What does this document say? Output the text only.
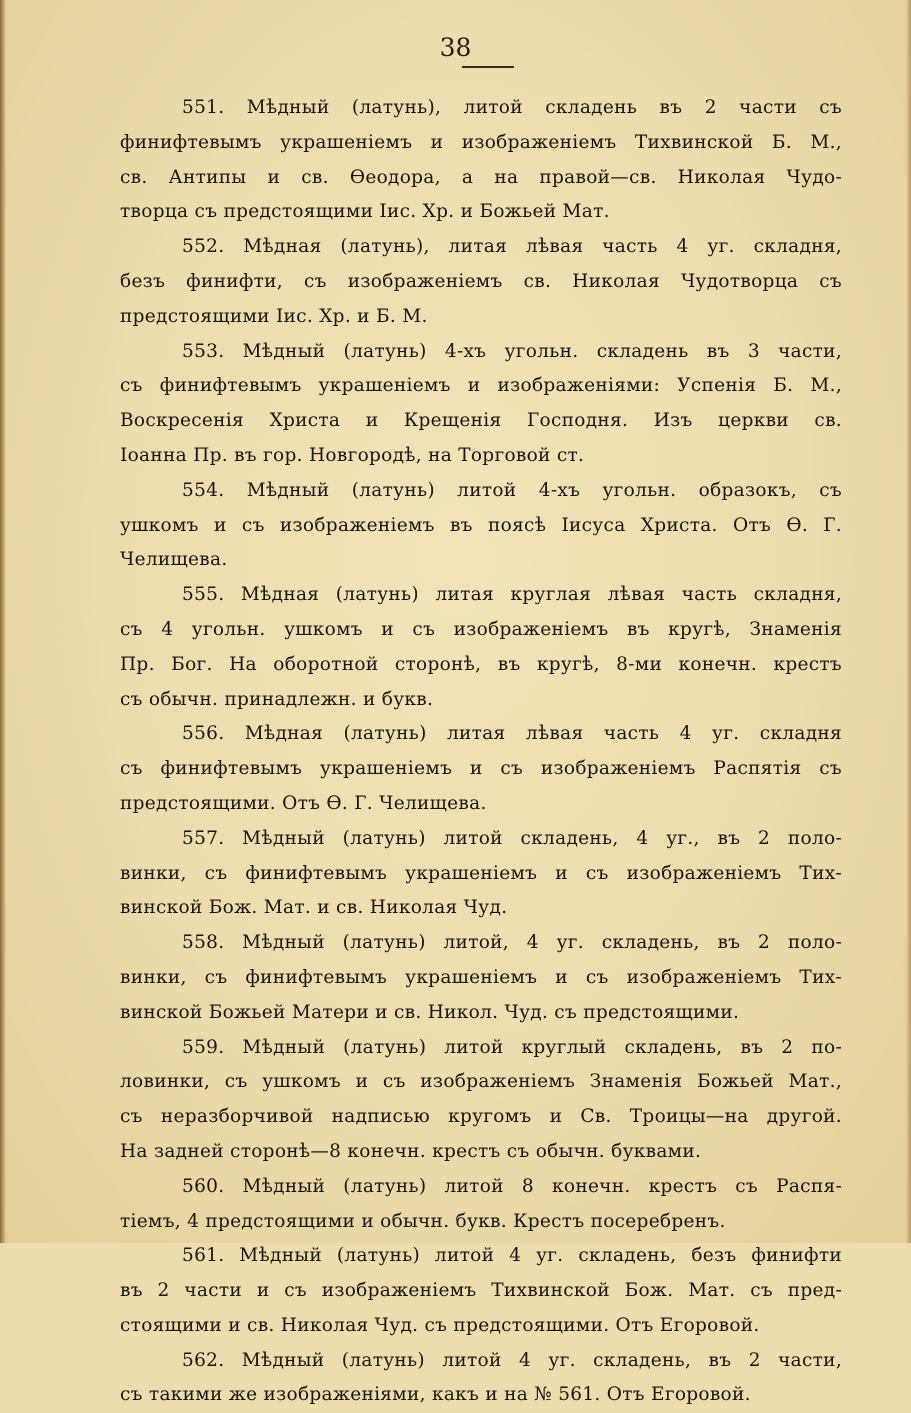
38
551. Мѣдный (латунь), литой складень въ 2 части съ
финифтевымъ украшеніемъ и изображеніемъ Тихвинской Б. М.,
св. Антипы и св. Ѳеодора, а на правой—св. Николая Чудо-
творца съ предстоящими Іис. Хр. и Божьей Мат.
552. Мѣдная (латунь), литая лѣвая часть 4 уг. складня,
безъ финифти, съ изображеніемъ св. Николая Чудотворца съ
предстоящими Іис. Хр. и Б. М.
553. Мѣдный (латунь) 4-хъ угольн. складень въ 3 части,
съ финифтевымъ украшеніемъ и изображеніями: Успенія Б. М.,
Воскресенія Христа и Крещенія Господня. Изъ церкви св.
Іоанна Пр. въ гор. Новгородѣ, на Торговой ст.
554. Мѣдный (латунь) литой 4-хъ угольн. образокъ, съ
ушкомъ и съ изображеніемъ въ поясѣ Іисуса Христа. Отъ Ѳ. Г.
Челищева.
555. Мѣдная (латунь) литая круглая лѣвая часть складня,
съ 4 угольн. ушкомъ и съ изображеніемъ въ кругѣ, Знаменія
Пр. Бог. На оборотной сторонѣ, въ кругѣ, 8-ми конечн. крестъ
съ обычн. принадлежн. и букв.
556. Мѣдная (латунь) литая лѣвая часть 4 уг. складня
съ финифтевымъ украшеніемъ и съ изображеніемъ Распятія съ
предстоящими. Отъ Ѳ. Г. Челищева.
557. Мѣдный (латунь) литой складень, 4 уг., въ 2 поло-
винки, съ финифтевымъ украшеніемъ и съ изображеніемъ Тих-
винской Бож. Мат. и св. Николая Чуд.
558. Мѣдный (латунь) литой, 4 уг. складень, въ 2 поло-
винки, съ финифтевымъ украшеніемъ и съ изображеніемъ Тих-
винской Божьей Матери и св. Никол. Чуд. съ предстоящими.
559. Мѣдный (латунь) литой круглый складень, въ 2 по-
ловинки, съ ушкомъ и съ изображеніемъ Знаменія Божьей Мат.,
съ неразборчивой надписью кругомъ и Св. Троицы—на другой.
На задней сторонѣ—8 конечн. крестъ съ обычн. буквами.
560. Мѣдный (латунь) литой 8 конечн. крестъ съ Распя-
тіемъ, 4 предстоящими и обычн. букв. Крестъ посеребренъ.
561. Мѣдный (латунь) литой 4 уг. складень, безъ финифти
въ 2 части и съ изображеніемъ Тихвинской Бож. Мат. съ пред-
стоящими и св. Николая Чуд. съ предстоящими. Отъ Егоровой.
562. Мѣдный (латунь) литой 4 уг. складень, въ 2 части,
съ такими же изображеніями, какъ и на № 561. Отъ Егоровой.
